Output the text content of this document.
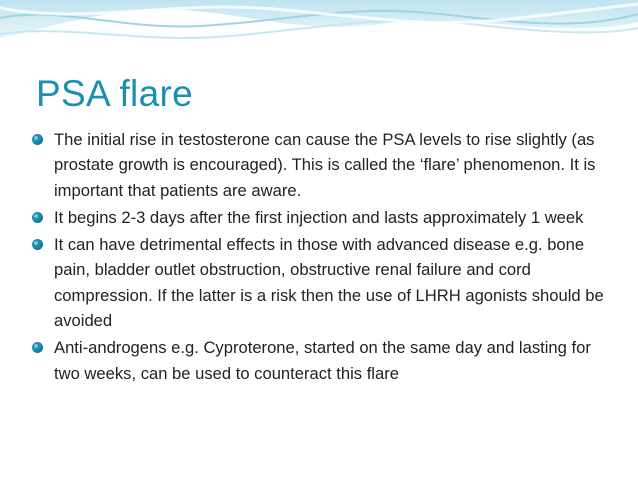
PSA flare
The initial rise in testosterone can cause the PSA levels to rise slightly (as prostate growth is encouraged). This is called the ‘flare’ phenomenon. It is important that patients are aware.
It begins 2-3 days after the first injection and lasts approximately 1 week
It can have detrimental effects in those with advanced disease e.g. bone pain, bladder outlet obstruction, obstructive renal failure and cord compression. If the latter is a risk then the use of LHRH agonists should be avoided
Anti-androgens e.g. Cyproterone, started on the same day and lasting for two weeks, can be used to counteract this flare
